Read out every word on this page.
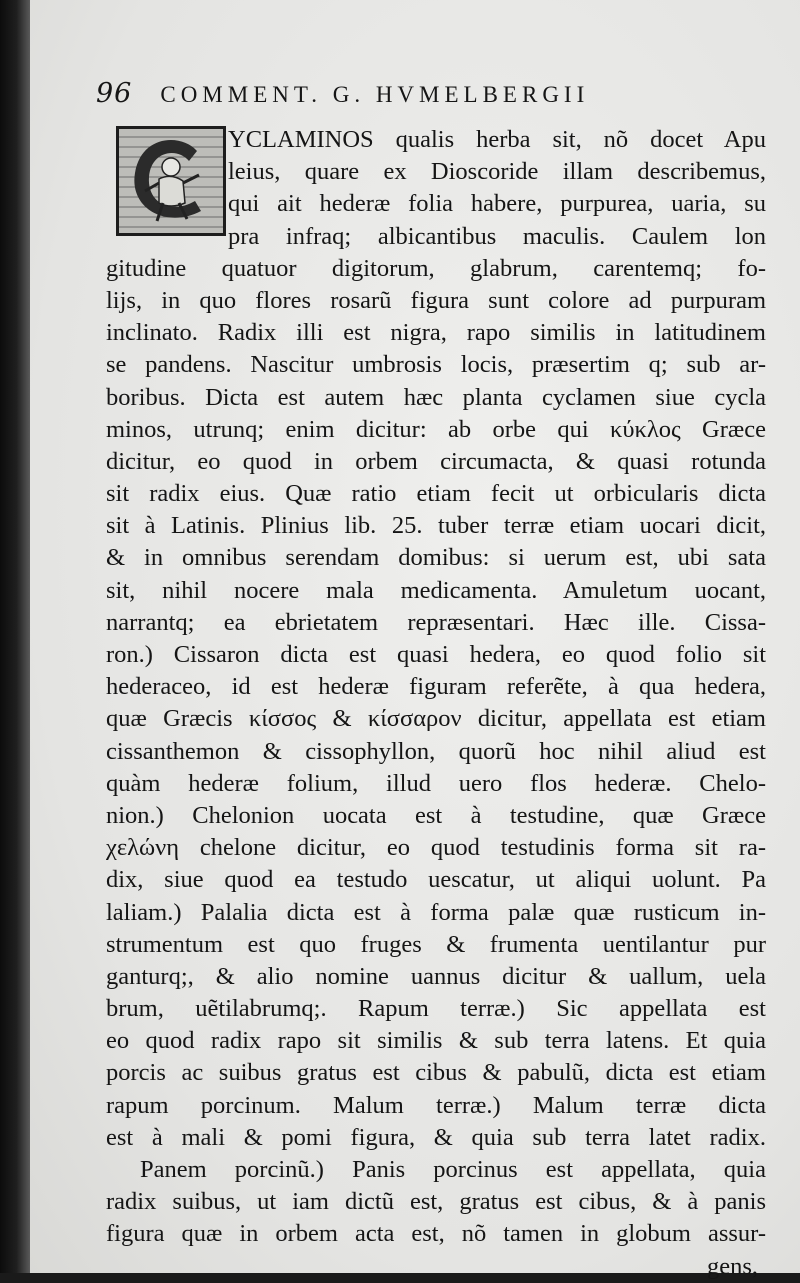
96 COMMENT. G. HVMELBERGII
YCLAMINOS qualis herba sit, nõ docet Apu
leius, quare ex Dioscoride illam describemus,
qui ait hederæ folia habere, purpurea, uaria, su
pra infraq; albicantibus maculis. Caulem lon
gitudine quatuor digitorum, glabrum, carentemq; fo-
lijs, in quo flores rosarũ figura sunt colore ad purpuram
inclinato. Radix illi est nigra, rapo similis in latitudinem
se pandens. Nascitur umbrosis locis, præsertim q; sub ar-
boribus. Dicta est autem hæc planta cyclamen siue cycla
minos, utrunq; enim dicitur: ab orbe qui κύκλος Græce
dicitur, eo quod in orbem circumacta, & quasi rotunda
sit radix eius. Quæ ratio etiam fecit ut orbicularis dicta
sit à Latinis. Plinius lib. 25. tuber terræ etiam uocari dicit,
& in omnibus serendam domibus: si uerum est, ubi sata
sit, nihil nocere mala medicamenta. Amuletum uocant,
narrantq; ea ebrietatem repræsentari. Hæc ille. Cissa-
ron.) Cissaron dicta est quasi hedera, eo quod folio sit
hederaceo, id est hederæ figuram referẽte, à qua hedera,
quæ Græcis κίσσος & κίσσαρον dicitur, appellata est etiam
cissanthemon & cissophyllon, quorũ hoc nihil aliud est
quàm hederæ folium, illud uero flos hederæ. Chelo-
nion.) Chelonion uocata est à testudine, quæ Græce
χελώνη chelone dicitur, eo quod testudinis forma sit ra-
dix, siue quod ea testudo uescatur, ut aliqui uolunt. Pa
laliam.) Palalia dicta est à forma palæ quæ rusticum in-
strumentum est quo fruges & frumenta uentilantur pur
ganturq;, & alio nomine uannus dicitur & uallum, uela
brum, uẽtilabrumq;. Rapum terræ.) Sic appellata est
eo quod radix rapo sit similis & sub terra latens. Et quia
porcis ac suibus gratus est cibus & pabulũ, dicta est etiam
rapum porcinum. Malum terræ.) Malum terræ dicta
est à mali & pomi figura, & quia sub terra latet radix.
Panem porcinũ.) Panis porcinus est appellata, quia
radix suibus, ut iam dictũ est, gratus est cibus, & à panis
figura quæ in orbem acta est, nõ tamen in globum assur-
gens,
